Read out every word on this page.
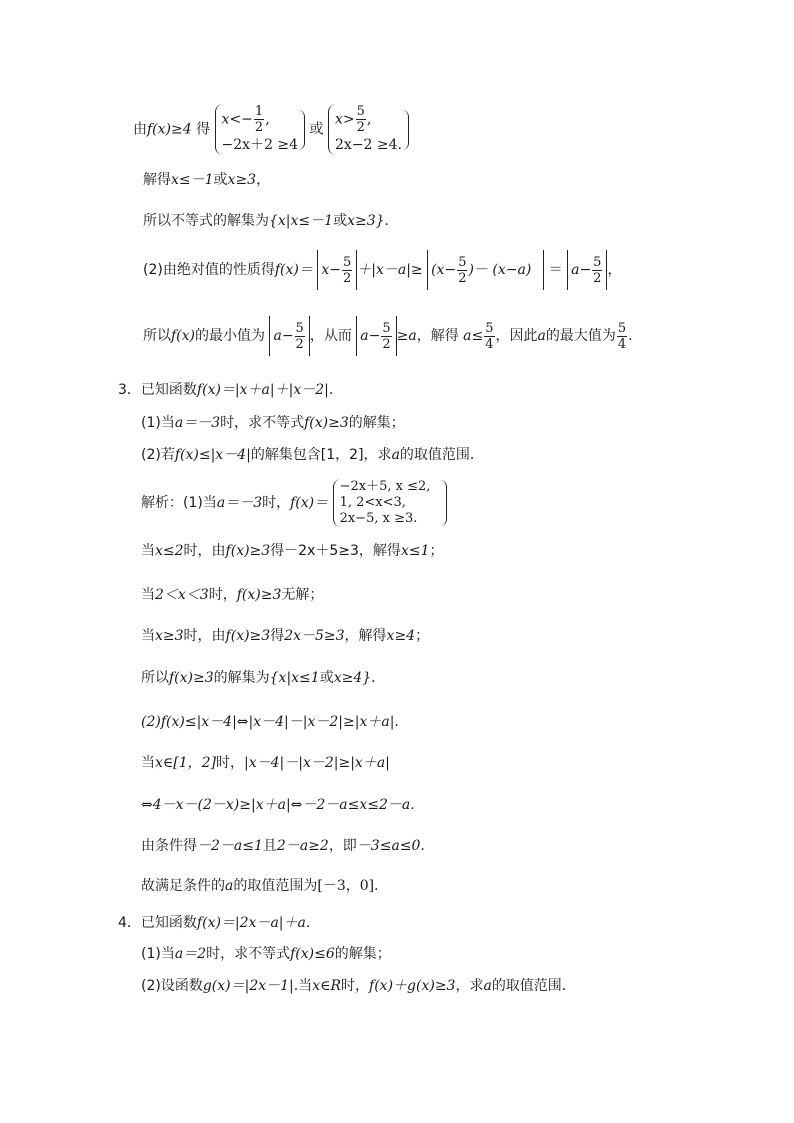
由f(x)≥4 得
$x<- \frac{1}{2}$ ,
−2x＋2 ≥4
或
$x> \frac{5}{2}$ ,
2x−2 ≥4.
解得x≤－1或x≥3，
所以不等式的解集为{x|x≤－1或x≥3}．
(2)由绝对值的性质得$f(x)= x- \frac{5}{2} +|x-a|\ge (x- \frac{5}{2}$ )－ $(x-a) = a- \frac{5}{2}$ ，
所以f(x)的最小值为 $a- \frac{5}{2}$ ，从而 $a- \frac{5}{2} \ge a$，解得 $a\le \frac{5}{4}$ ，因此a的最大值为 $\frac{5}{4}$ .
3．已知函数f(x)＝|x＋a|＋|x－2|.
(1)当a＝－3时，求不等式f(x)≥3的解集；
(2)若f(x)≤|x－4|的解集包含[1，2]，求a的取值范围．
解析：(1)当a＝－3时，f(x)＝
−2x＋5, x ≤2,
1, 2<x<3,
2x−5, x ≥3.
当x≤2时，由f(x)≥3得－2x＋5≥3，解得x≤1；
当2＜x＜3时，f(x)≥3无解；
当x≥3时，由f(x)≥3得2x－5≥3，解得x≥4；
所以f(x)≥3的解集为{x|x≤1或x≥4}．
(2)f(x)≤|x－4|⇔|x－4|－|x－2|≥|x＋a|.
当x∈[1，2]时，|x－4|－|x－2|≥|x＋a|
⇔4－x－(2－x)≥|x＋a|⇔－2－a≤x≤2－a.
由条件得－2－a≤1且2－a≥2，即－3≤a≤0.
故满足条件的a的取值范围为[－3，0]．
4．已知函数f(x)＝|2x－a|＋a.
(1)当a＝2时，求不等式f(x)≤6的解集；
(2)设函数g(x)＝|2x－1|.当x∈R时，f(x)＋g(x)≥3，求a的取值范围．
